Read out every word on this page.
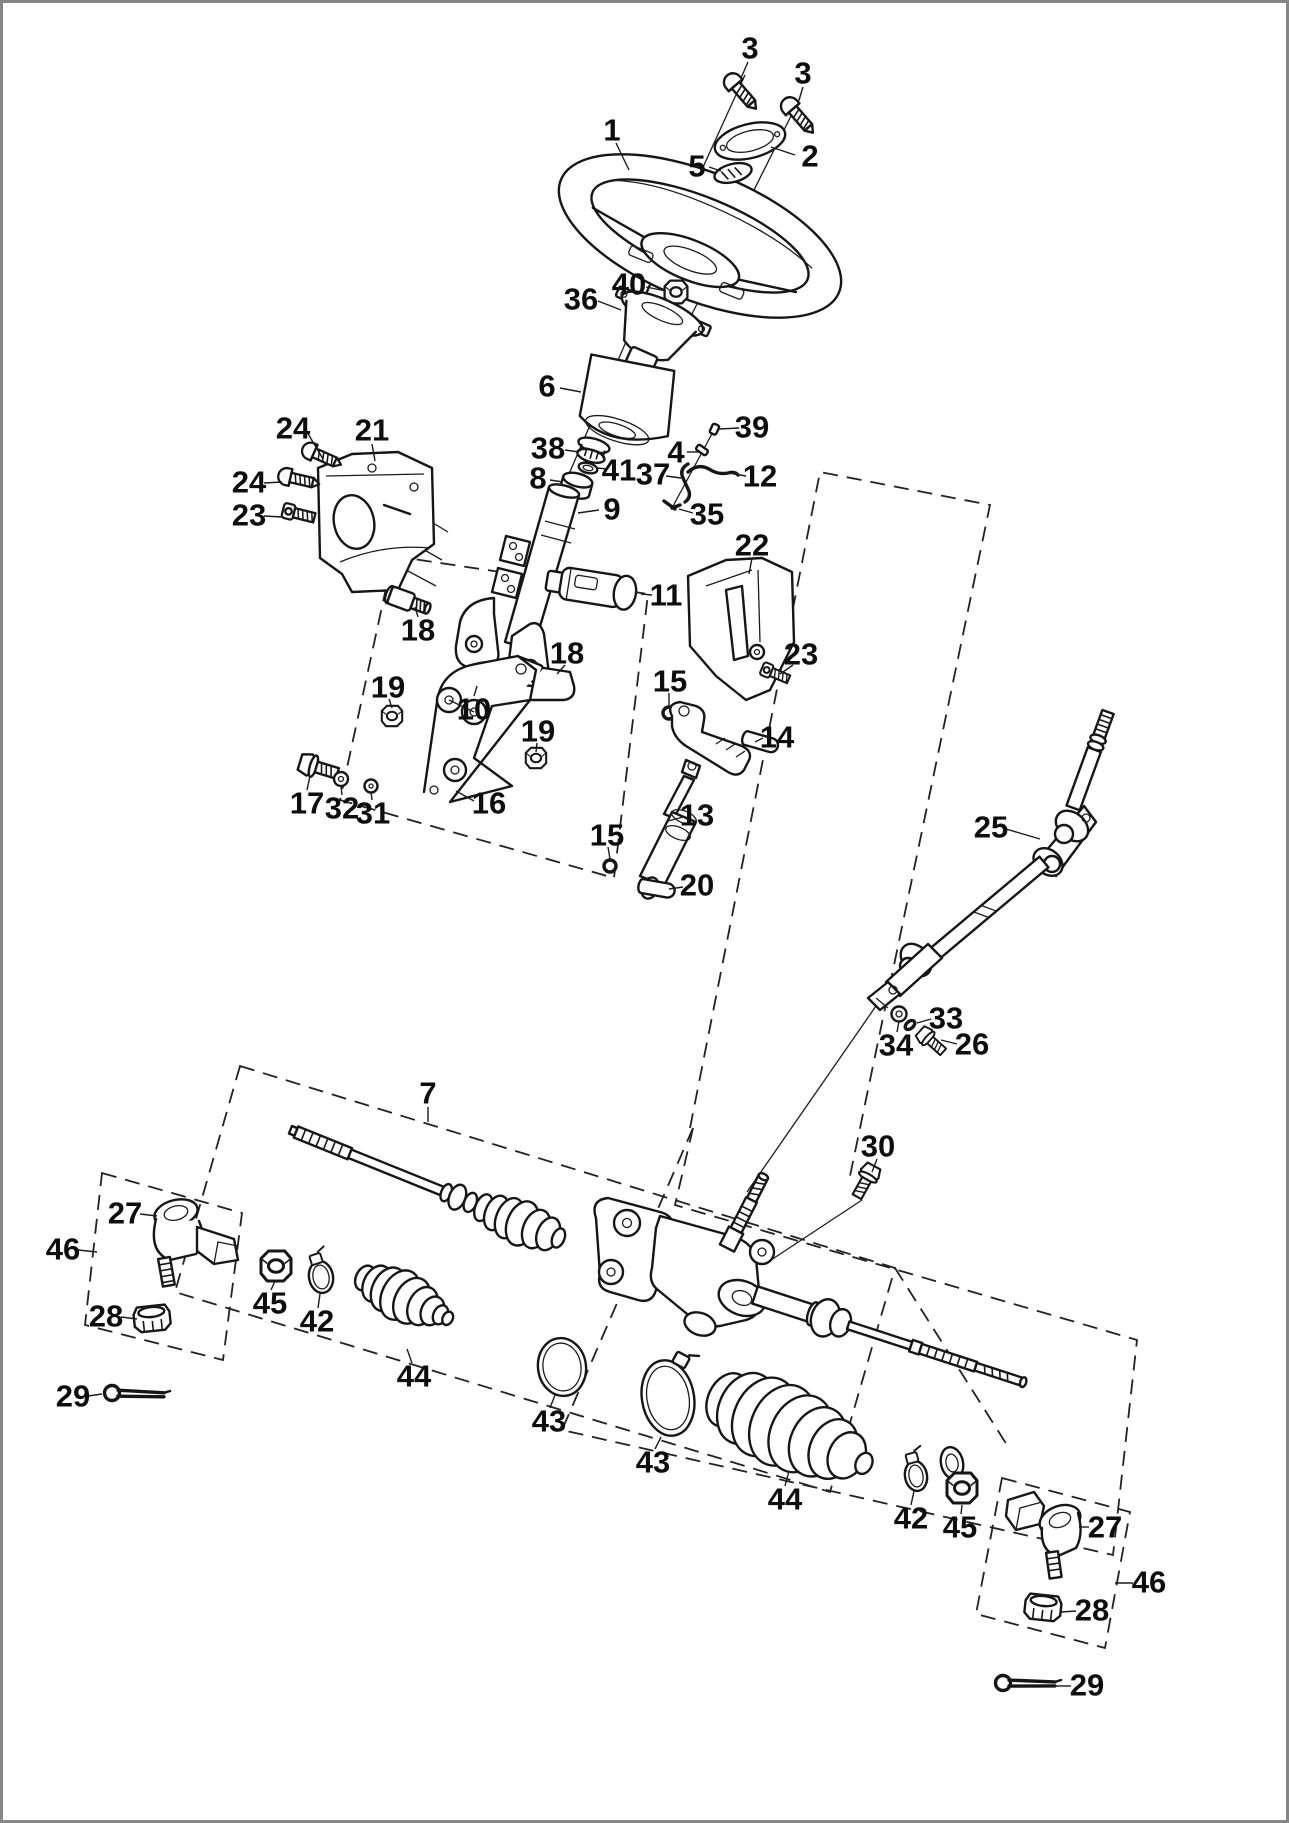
3
3
1
2
5
40
36
6
38
41
8	37
4
39
12
35
9
24 21
24
23
22
11
18
18	23
10
19
19
15
14
16
17 32
31	13
15
20
25
33
34 26
7
30
27
46
28	45
42
44
29
43
43
44
42 45	27
46
28
29
